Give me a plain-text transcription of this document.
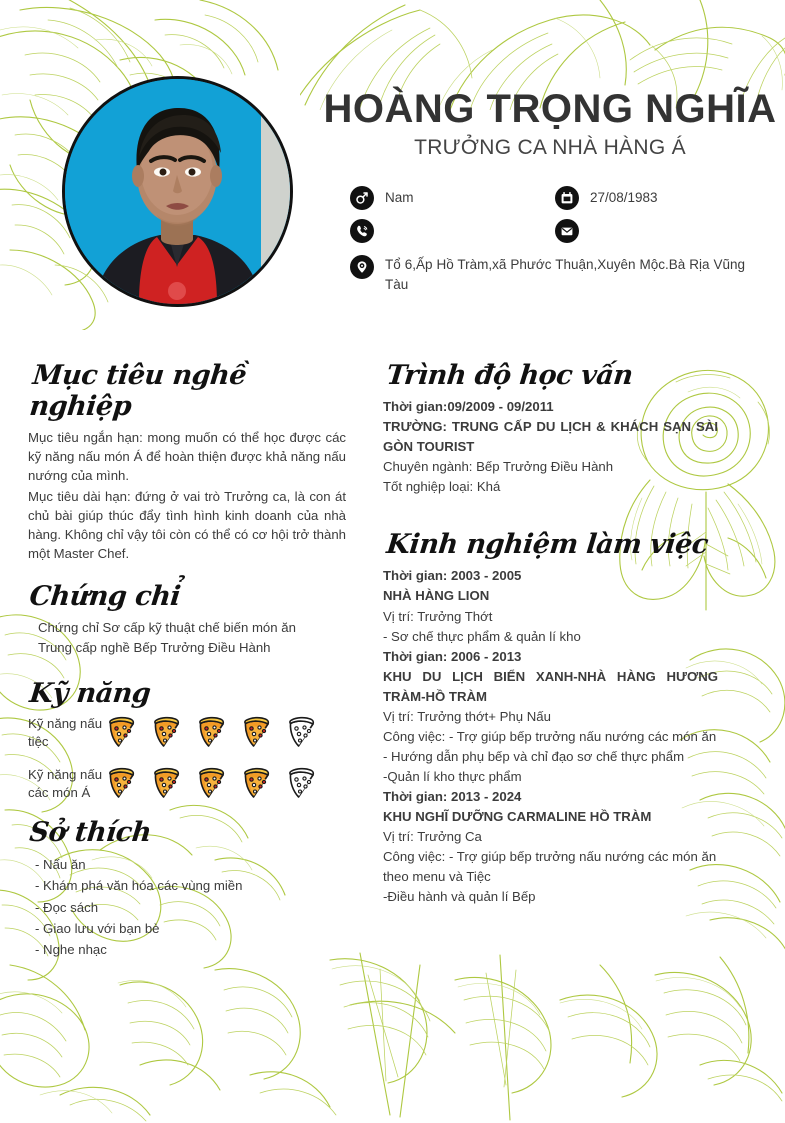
HOÀNG TRỌNG NGHĨA
TRƯỞNG CA NHÀ HÀNG Á
Nam	27/08/1983
Tổ 6,Ấp Hồ Tràm,xã Phước Thuận,Xuyên Mộc.Bà Rịa Vũng Tàu
Mục tiêu nghề nghiệp

Mục tiêu ngắn hạn: mong muốn có thể học được các kỹ năng nấu món Á để hoàn thiện được khả năng nấu nướng của mình.

Mục tiêu dài hạn: đứng ở vai trò Trưởng ca, là con át chủ bài giúp thúc đẩy tình hình kinh doanh của nhà hàng. Không chỉ vậy tôi còn có thể có cơ hội trở thành một Master Chef.

Chứng chỉ

Chứng chỉ Sơ cấp kỹ thuật chế biến món ăn

Trung cấp nghề Bếp Trưởng Điều Hành

Kỹ năng
Kỹ năng nấu tiệc
Kỹ năng nấu các món Á
Sở thích

- Nấu ăn

- Khám phá văn hóa các vùng miền

- Đọc sách

- Giao lưu với bạn bè

- Nghe nhạc

Trình độ học vấn

Thời gian:09/2009 - 09/2011

TRƯỜNG: TRUNG CẤP DU LỊCH & KHÁCH SẠN SÀI GÒN TOURIST

Chuyên ngành: Bếp Trưởng Điều Hành

Tốt nghiệp loại: Khá

Kinh nghiệm làm việc

Thời gian: 2003 - 2005

NHÀ HÀNG LION

Vị trí: Trưởng Thớt

- Sơ chế thực phẩm & quản lí kho

Thời gian: 2006 - 2013

KHU DU LỊCH BIỂN XANH-NHÀ HÀNG HƯƠNG TRÀM-HỒ TRÀM

Vị trí: Trưởng thớt+ Phụ Nấu

Công việc: - Trợ giúp bếp trưởng nấu nướng các món ăn

- Hướng dẫn phụ bếp và chỉ đạo sơ chế thực phẩm

-Quản lí kho thực phẩm

Thời gian: 2013 - 2024

KHU NGHĨ DƯỠNG CARMALINE HỒ TRÀM

Vị trí: Trưởng Ca

Công việc: - Trợ giúp bếp trưởng nấu nướng các món ăn

theo menu và Tiệc

-Điều hành và quản lí Bếp
